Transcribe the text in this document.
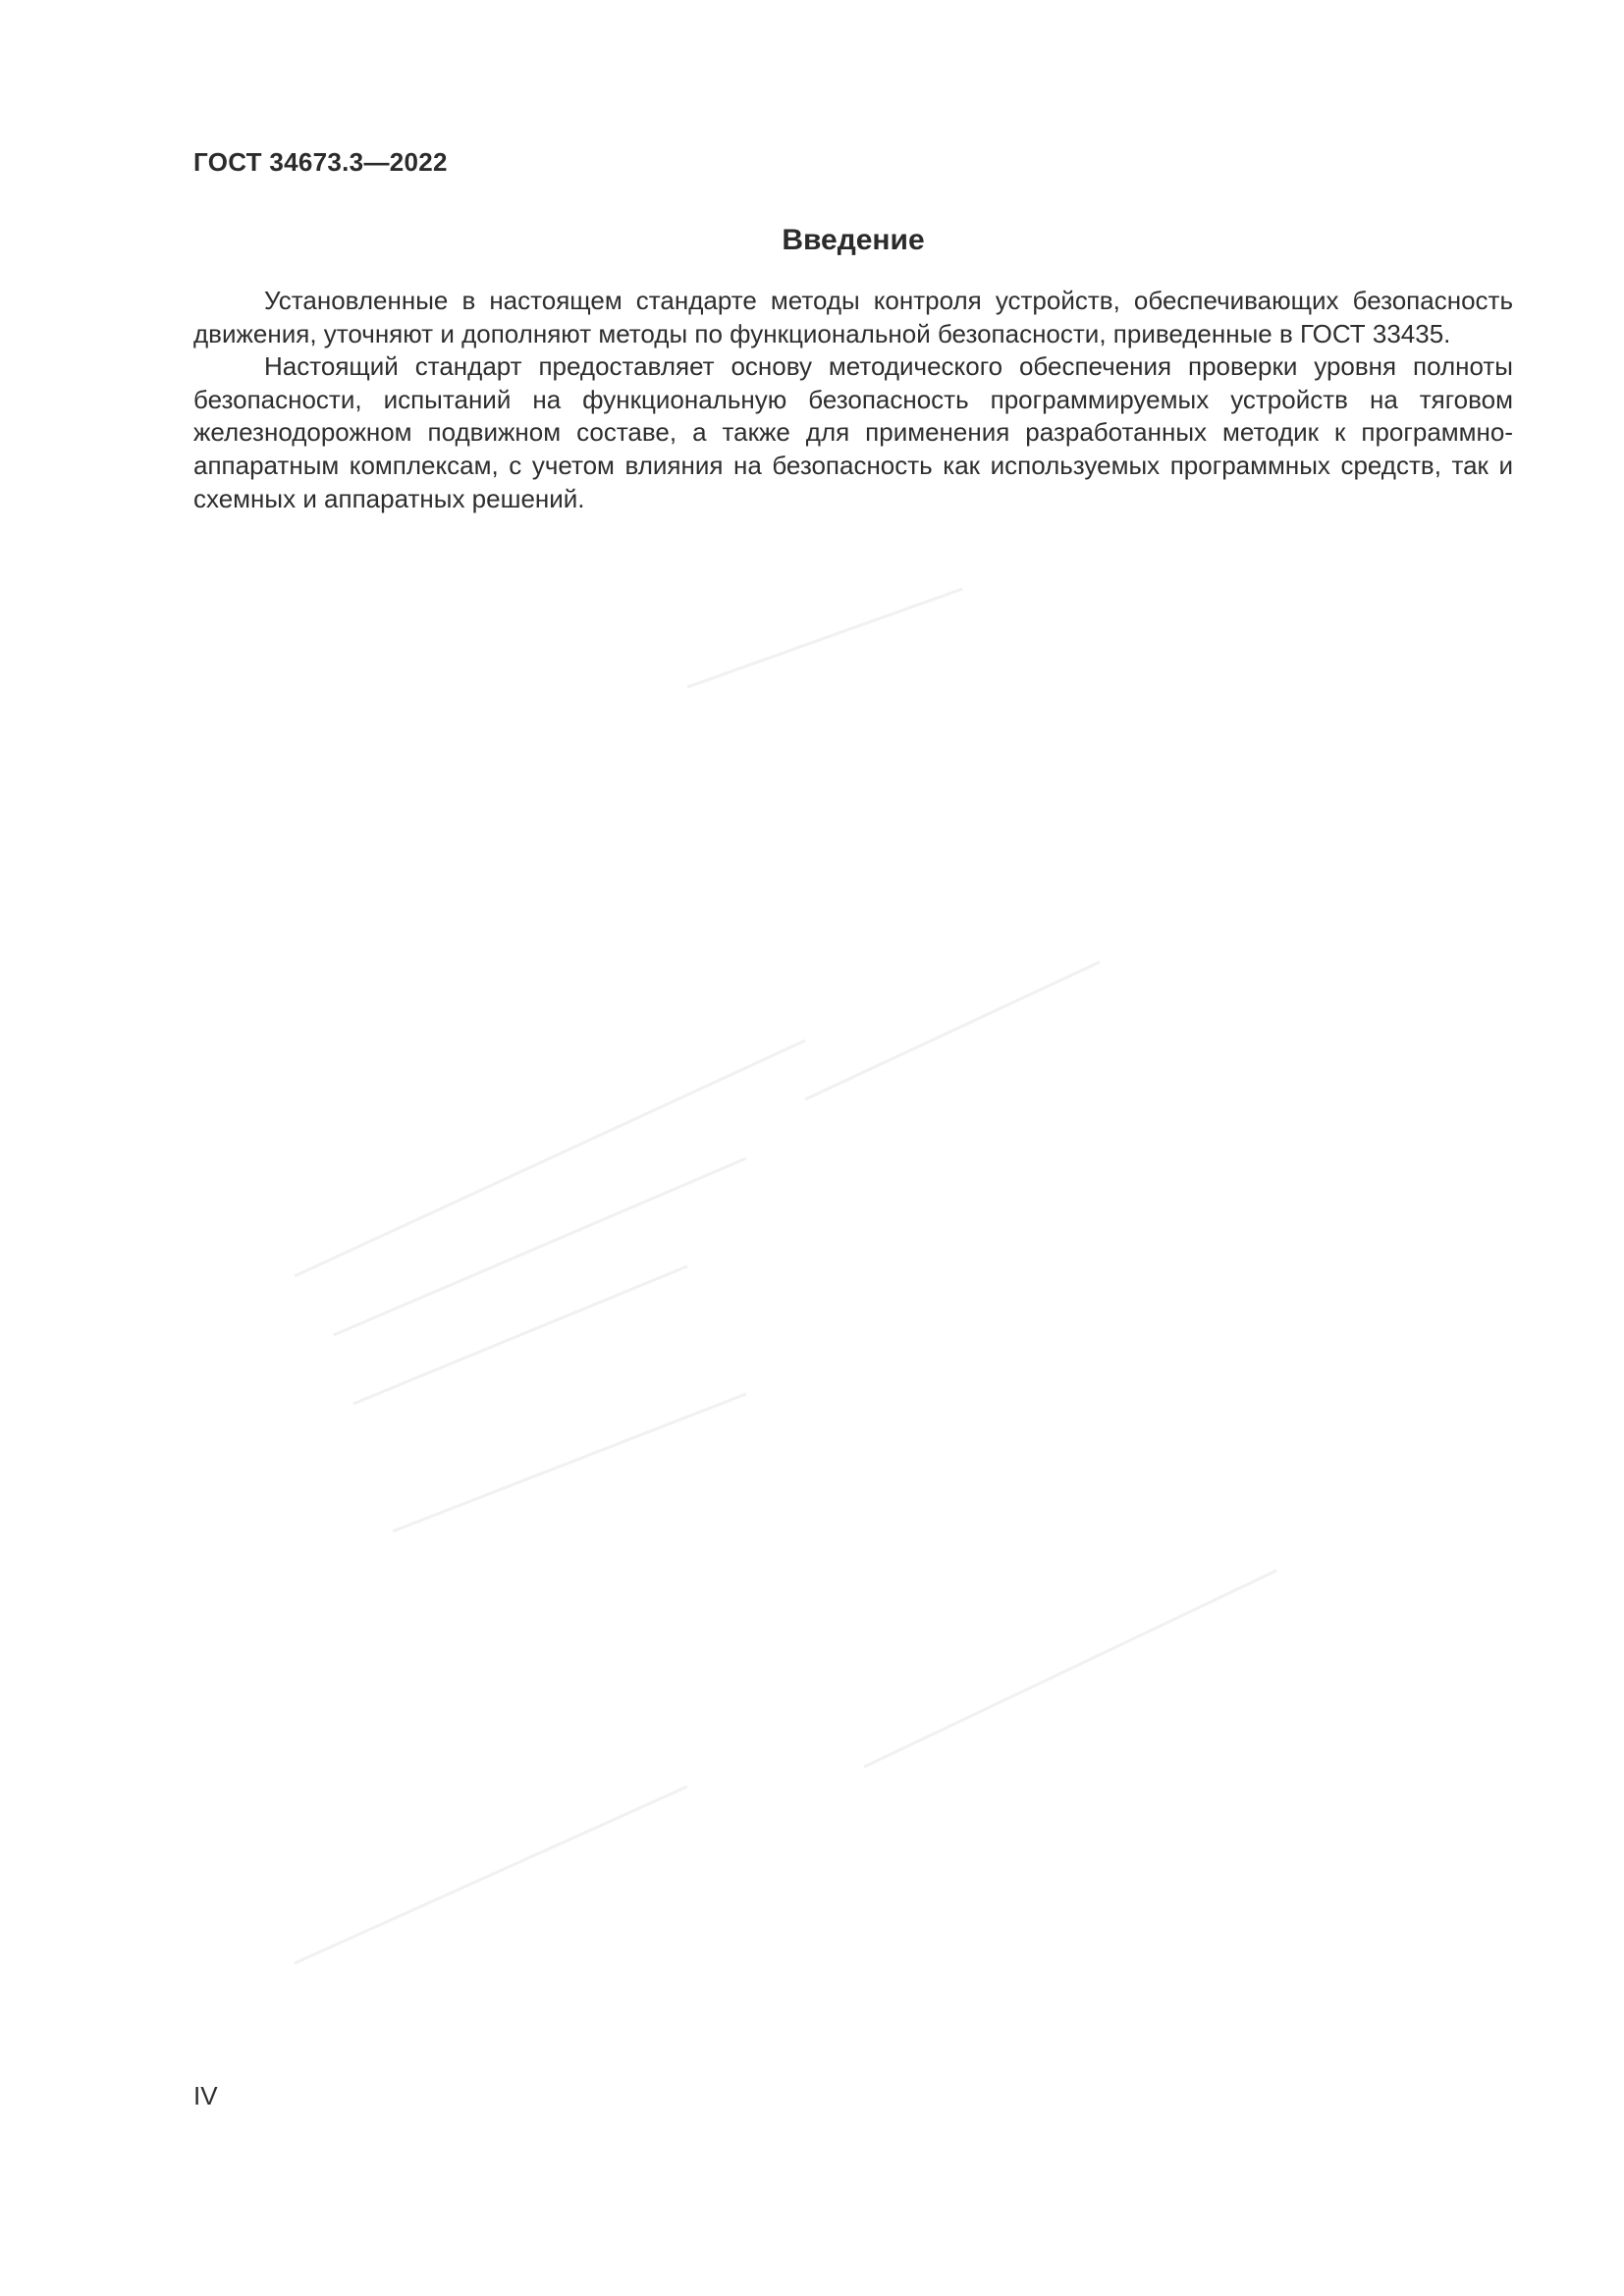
ГОСТ 34673.3—2022
Введение

Установленные в настоящем стандарте методы контроля устройств, обеспечивающих безопасность движения, уточняют и дополняют методы по функциональной безопасности, приведенные в ГОСТ 33435.

Настоящий стандарт предоставляет основу методического обеспечения проверки уровня полноты безопасности, испытаний на функциональную безопасность программируемых устройств на тяговом железнодорожном подвижном составе, а также для применения разработанных методик к программно-аппаратным комплексам, с учетом влияния на безопасность как используемых программных средств, так и схемных и аппаратных решений.

IV
